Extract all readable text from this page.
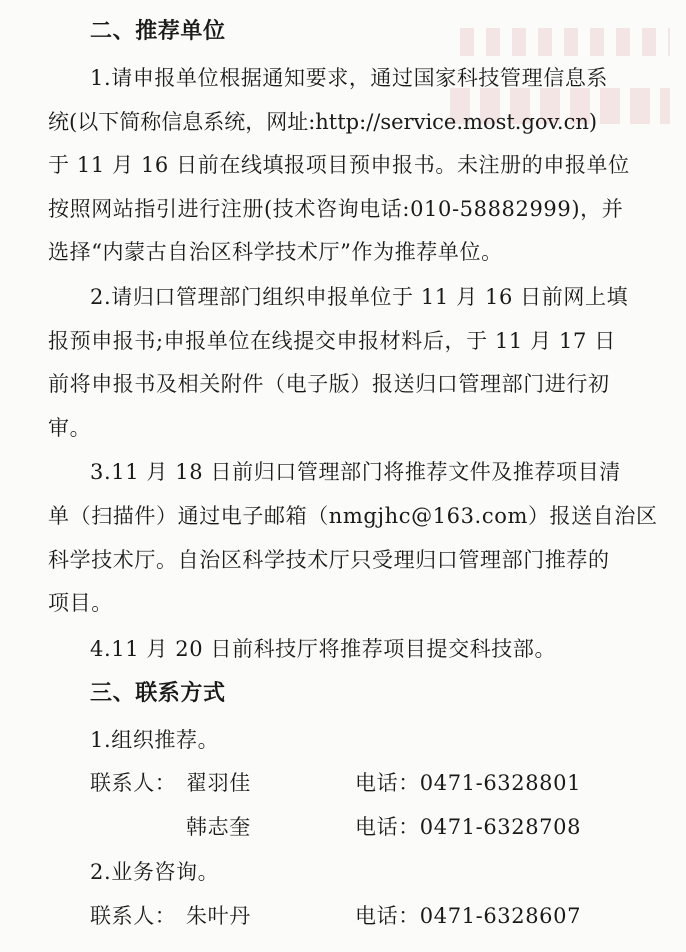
二、推荐单位
1.请申报单位根据通知要求，通过国家科技管理信息系
统(以下简称信息系统，网址:http://service.most.gov.cn)
于 11 月 16 日前在线填报项目预申报书。未注册的申报单位
按照网站指引进行注册(技术咨询电话:010-58882999)，并
选择“内蒙古自治区科学技术厅”作为推荐单位。
2.请归口管理部门组织申报单位于 11 月 16 日前网上填
报预申报书;申报单位在线提交申报材料后，于 11 月 17 日
前将申报书及相关附件（电子版）报送归口管理部门进行初
审。
3.11 月 18 日前归口管理部门将推荐文件及推荐项目清
单（扫描件）通过电子邮箱（nmgjhc@163.com）报送自治区
科学技术厅。自治区科学技术厅只受理归口管理部门推荐的
项目。
4.11 月 20 日前科技厅将推荐项目提交科技部。
三、联系方式
1.组织推荐。
联系人： 翟羽佳	电话：0471-6328801
韩志奎	电话：0471-6328708
2.业务咨询。
联系人： 朱叶丹	电话：0471-6328607
